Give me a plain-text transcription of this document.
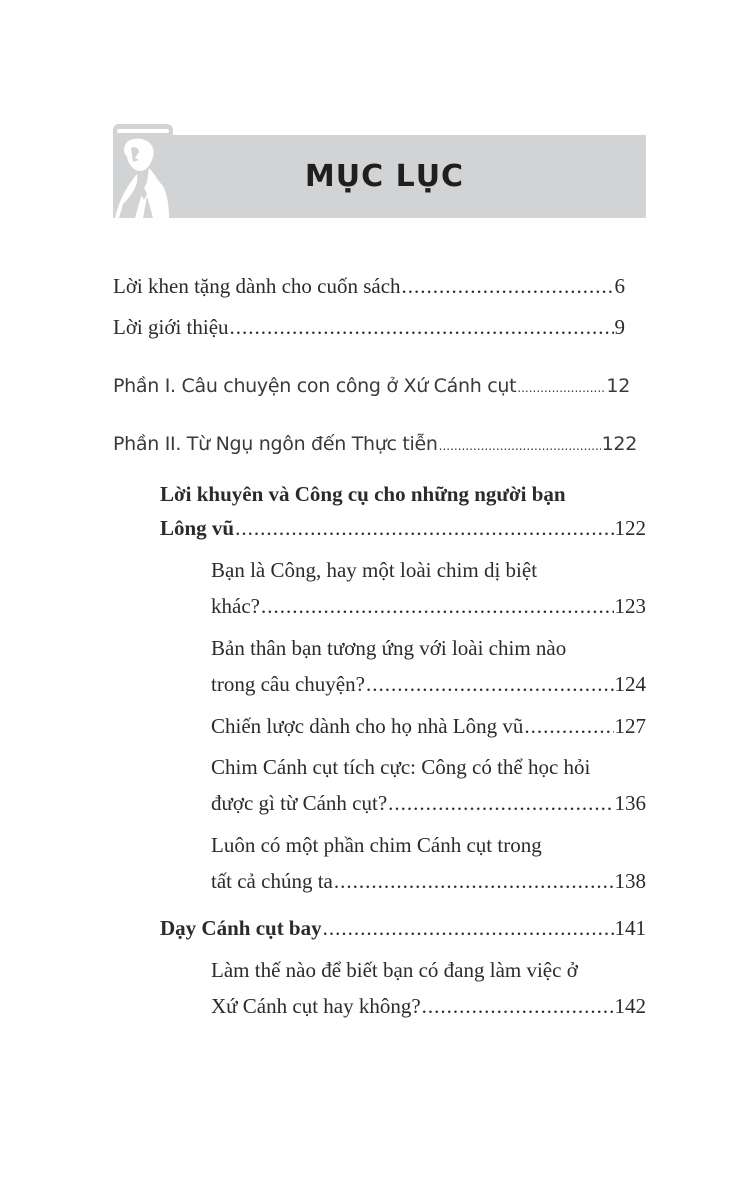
MỤC LỤC
Lời khen tặng dành cho cuốn sách .....	6
Lời giới thiệu .....	9
Phần I. Câu chuyện con công ở Xứ Cánh cụt .....	12
Phần II. Từ Ngụ ngôn đến Thực tiễn .....	122
Lời khuyên và Công cụ cho những người bạn
Lông vũ .....	122
Bạn là Công, hay một loài chim dị biệt
khác? .....	123
Bản thân bạn tương ứng với loài chim nào
trong câu chuyện? .....	124
Chiến lược dành cho họ nhà Lông vũ .....	127
Chim Cánh cụt tích cực: Công có thể học hỏi
được gì từ Cánh cụt? .....	136
Luôn có một phần chim Cánh cụt trong
tất cả chúng ta .....	138
Dạy Cánh cụt bay .....	141
Làm thế nào để biết bạn có đang làm việc ở
Xứ Cánh cụt hay không? .....	142
